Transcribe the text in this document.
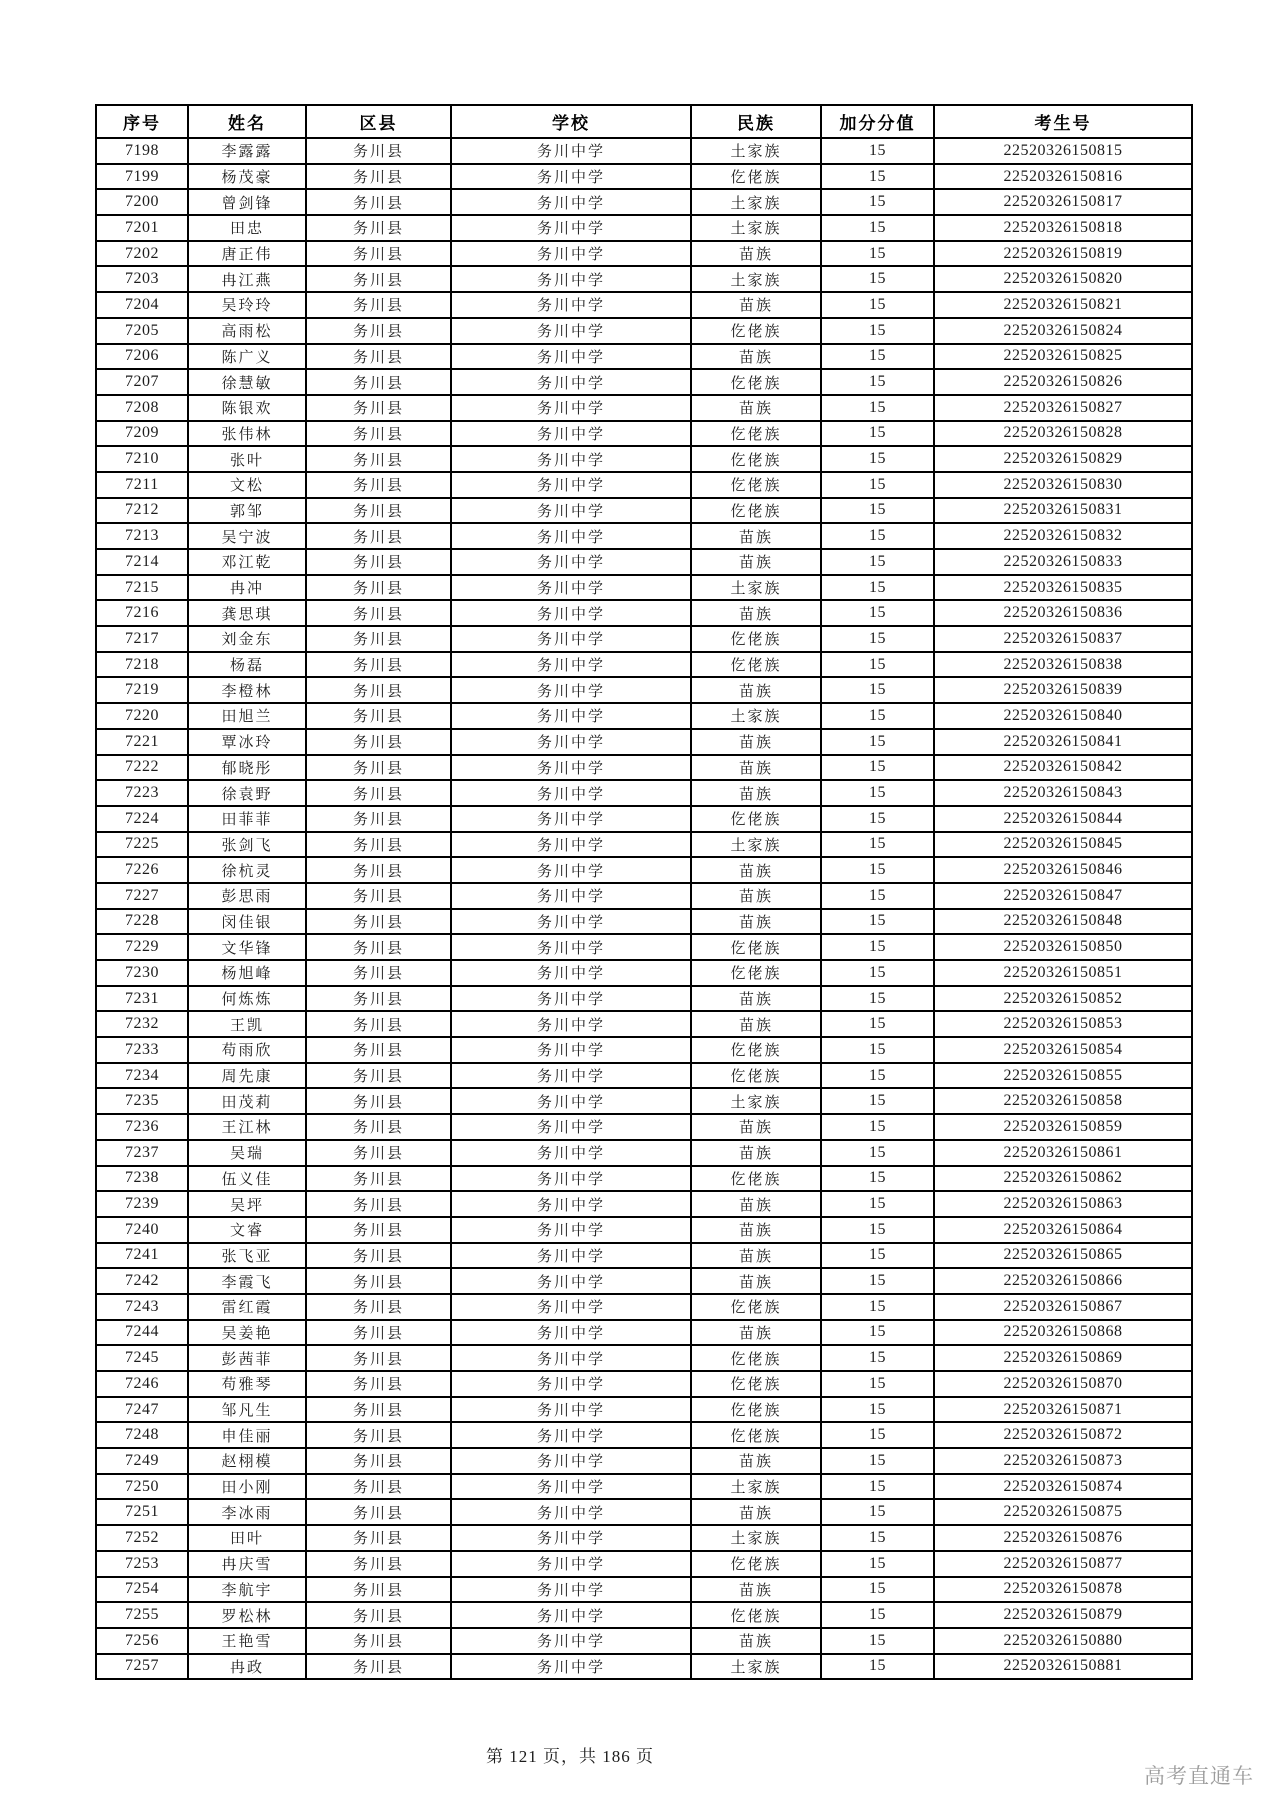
序号	姓名	区县	学校	民族	加分分值	考生号
7198	李露露	务川县	务川中学	土家族	15	22520326150815
7199	杨茂豪	务川县	务川中学	仡佬族	15	22520326150816
7200	曾剑锋	务川县	务川中学	土家族	15	22520326150817
7201	田忠	务川县	务川中学	土家族	15	22520326150818
7202	唐正伟	务川县	务川中学	苗族	15	22520326150819
7203	冉江燕	务川县	务川中学	土家族	15	22520326150820
7204	吴玲玲	务川县	务川中学	苗族	15	22520326150821
7205	高雨松	务川县	务川中学	仡佬族	15	22520326150824
7206	陈广义	务川县	务川中学	苗族	15	22520326150825
7207	徐慧敏	务川县	务川中学	仡佬族	15	22520326150826
7208	陈银欢	务川县	务川中学	苗族	15	22520326150827
7209	张伟林	务川县	务川中学	仡佬族	15	22520326150828
7210	张叶	务川县	务川中学	仡佬族	15	22520326150829
7211	文松	务川县	务川中学	仡佬族	15	22520326150830
7212	郭邹	务川县	务川中学	仡佬族	15	22520326150831
7213	吴宁波	务川县	务川中学	苗族	15	22520326150832
7214	邓江乾	务川县	务川中学	苗族	15	22520326150833
7215	冉冲	务川县	务川中学	土家族	15	22520326150835
7216	龚思琪	务川县	务川中学	苗族	15	22520326150836
7217	刘金东	务川县	务川中学	仡佬族	15	22520326150837
7218	杨磊	务川县	务川中学	仡佬族	15	22520326150838
7219	李橙林	务川县	务川中学	苗族	15	22520326150839
7220	田旭兰	务川县	务川中学	土家族	15	22520326150840
7221	覃冰玲	务川县	务川中学	苗族	15	22520326150841
7222	郁晓彤	务川县	务川中学	苗族	15	22520326150842
7223	徐袁野	务川县	务川中学	苗族	15	22520326150843
7224	田菲菲	务川县	务川中学	仡佬族	15	22520326150844
7225	张剑飞	务川县	务川中学	土家族	15	22520326150845
7226	徐杭灵	务川县	务川中学	苗族	15	22520326150846
7227	彭思雨	务川县	务川中学	苗族	15	22520326150847
7228	闵佳银	务川县	务川中学	苗族	15	22520326150848
7229	文华锋	务川县	务川中学	仡佬族	15	22520326150850
7230	杨旭峰	务川县	务川中学	仡佬族	15	22520326150851
7231	何炼炼	务川县	务川中学	苗族	15	22520326150852
7232	王凯	务川县	务川中学	苗族	15	22520326150853
7233	苟雨欣	务川县	务川中学	仡佬族	15	22520326150854
7234	周先康	务川县	务川中学	仡佬族	15	22520326150855
7235	田茂莉	务川县	务川中学	土家族	15	22520326150858
7236	王江林	务川县	务川中学	苗族	15	22520326150859
7237	吴瑞	务川县	务川中学	苗族	15	22520326150861
7238	伍义佳	务川县	务川中学	仡佬族	15	22520326150862
7239	吴坪	务川县	务川中学	苗族	15	22520326150863
7240	文睿	务川县	务川中学	苗族	15	22520326150864
7241	张飞亚	务川县	务川中学	苗族	15	22520326150865
7242	李霞飞	务川县	务川中学	苗族	15	22520326150866
7243	雷红霞	务川县	务川中学	仡佬族	15	22520326150867
7244	吴姜艳	务川县	务川中学	苗族	15	22520326150868
7245	彭茜菲	务川县	务川中学	仡佬族	15	22520326150869
7246	苟雅琴	务川县	务川中学	仡佬族	15	22520326150870
7247	邹凡生	务川县	务川中学	仡佬族	15	22520326150871
7248	申佳丽	务川县	务川中学	仡佬族	15	22520326150872
7249	赵栩模	务川县	务川中学	苗族	15	22520326150873
7250	田小刚	务川县	务川中学	土家族	15	22520326150874
7251	李冰雨	务川县	务川中学	苗族	15	22520326150875
7252	田叶	务川县	务川中学	土家族	15	22520326150876
7253	冉庆雪	务川县	务川中学	仡佬族	15	22520326150877
7254	李航宇	务川县	务川中学	苗族	15	22520326150878
7255	罗松林	务川县	务川中学	仡佬族	15	22520326150879
7256	王艳雪	务川县	务川中学	苗族	15	22520326150880
7257	冉政	务川县	务川中学	土家族	15	22520326150881
第 121 页，共 186 页
高考直通车
